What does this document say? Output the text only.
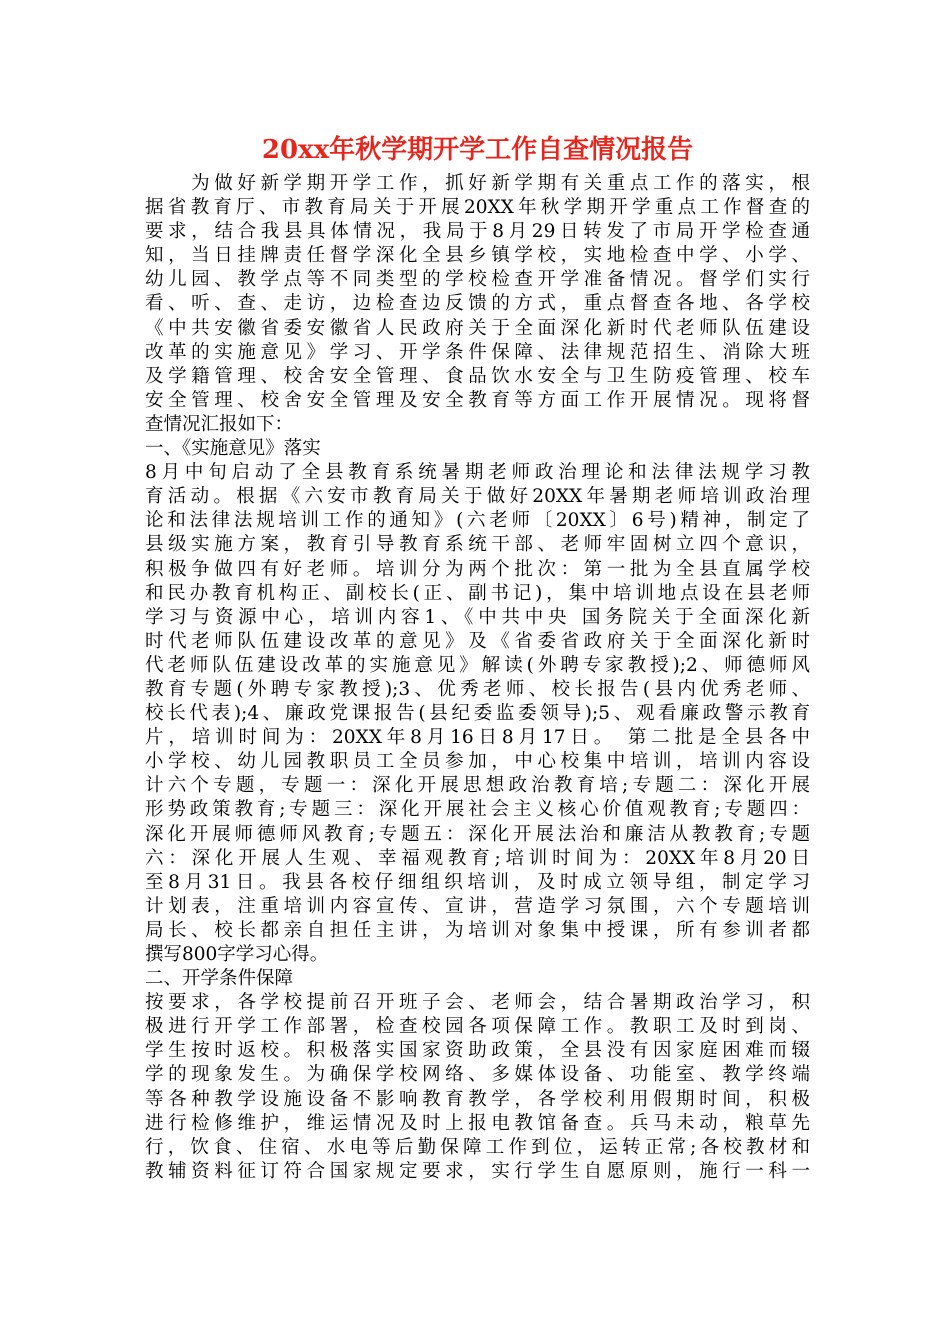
20xx年秋学期开学工作自查情况报告
　　为做好新学期开学工作，抓好新学期有关重点工作的落实，根
据省教育厅、市教育局关于开展20XX年秋学期开学重点工作督查的
要求，结合我县具体情况，我局于8月29日转发了市局开学检查通
知，当日挂牌责任督学深化全县乡镇学校，实地检查中学、小学、
幼儿园、教学点等不同类型的学校检查开学准备情况。督学们实行
看、听、查、走访，边检查边反馈的方式，重点督查各地、各学校
《中共安徽省委安徽省人民政府关于全面深化新时代老师队伍建设
改革的实施意见》学习、开学条件保障、法律规范招生、消除大班
及学籍管理、校舍安全管理、食品饮水安全与卫生防疫管理、校车
安全管理、校舍安全管理及安全教育等方面工作开展情况。现将督
查情况汇报如下：
一、《实施意见》落实
8月中旬启动了全县教育系统暑期老师政治理论和法律法规学习教
育活动。根据《六安市教育局关于做好20XX年暑期老师培训政治理
论和法律法规培训工作的通知》(六老师〔20XX〕6号)精神，制定了
县级实施方案，教育引导教育系统干部、老师牢固树立四个意识，
积极争做四有好老师。培训分为两个批次：第一批为全县直属学校
和民办教育机构正、副校长(正、副书记)，集中培训地点设在县老师
学习与资源中心，培训内容1、《中共中央 国务院关于全面深化新
时代老师队伍建设改革的意见》及《省委省政府关于全面深化新时
代老师队伍建设改革的实施意见》解读(外聘专家教授);2、师德师风
教育专题(外聘专家教授);3、优秀老师、校长报告(县内优秀老师、
校长代表);4、廉政党课报告(县纪委监委领导);5、观看廉政警示教育
片，培训时间为：20XX年8月16日8月17日。 第二批是全县各中
小学校、幼儿园教职员工全员参加，中心校集中培训，培训内容设
计六个专题，专题一：深化开展思想政治教育培;专题二：深化开展
形势政策教育;专题三：深化开展社会主义核心价值观教育;专题四：
深化开展师德师风教育;专题五：深化开展法治和廉洁从教教育;专题
六：深化开展人生观、幸福观教育;培训时间为：20XX年8月20日
至8月31日。我县各校仔细组织培训，及时成立领导组，制定学习
计划表，注重培训内容宣传、宣讲，营造学习氛围，六个专题培训
局长、校长都亲自担任主讲，为培训对象集中授课，所有参训者都
撰写800字学习心得。
二、开学条件保障
按要求，各学校提前召开班子会、老师会，结合暑期政治学习，积
极进行开学工作部署，检查校园各项保障工作。教职工及时到岗、
学生按时返校。积极落实国家资助政策，全县没有因家庭困难而辍
学的现象发生。为确保学校网络、多媒体设备、功能室、教学终端
等各种教学设施设备不影响教育教学，各学校利用假期时间，积极
进行检修维护，维运情况及时上报电教馆备查。兵马未动，粮草先
行，饮食、住宿、水电等后勤保障工作到位，运转正常;各校教材和
教辅资料征订符合国家规定要求，实行学生自愿原则，施行一科一
